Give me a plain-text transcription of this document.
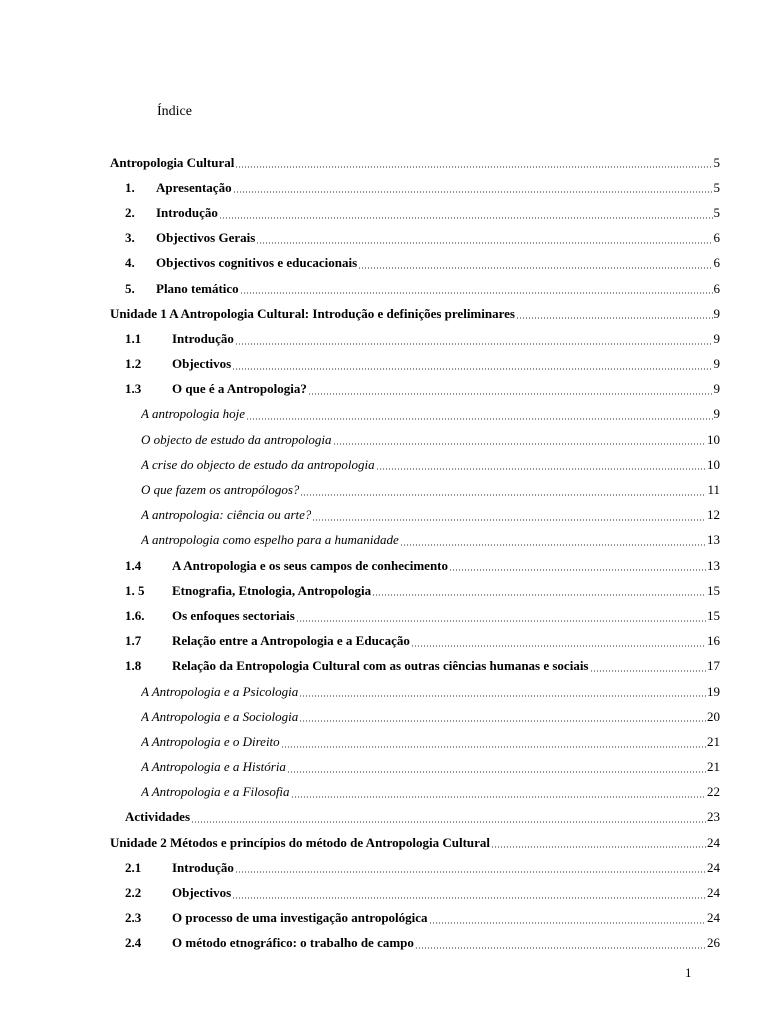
Índice
Antropologia Cultural	5
1.	Apresentação	5
2.	Introdução	5
3.	Objectivos Gerais	6
4.	Objectivos cognitivos e educacionais	6
5.	Plano temático	6
Unidade 1 A Antropologia Cultural: Introdução e definições preliminares	9
1.1	Introdução	9
1.2	Objectivos	9
1.3	O que é a Antropologia?	9
A antropologia hoje	9
O objecto de estudo da antropologia	10
A crise do objecto de estudo da antropologia	10
O que fazem os antropólogos?	11
A antropologia: ciência ou arte?	12
A antropologia como espelho para a humanidade	13
1.4	A Antropologia e os seus campos de conhecimento	13
1. 5	Etnografia, Etnologia, Antropologia	15
1.6.	Os enfoques sectoriais	15
1.7	Relação entre a Antropologia e a Educação	16
1.8	Relação da Entropologia Cultural com as outras ciências humanas e sociais	17
A Antropologia e a Psicologia	19
A Antropologia e a Sociologia	20
A Antropologia e o Direito	21
A Antropologia e a História	21
A Antropologia e a Filosofia	22
Actividades	23
Unidade 2 Métodos e princípios do método de Antropologia Cultural	24
2.1	Introdução	24
2.2	Objectivos	24
2.3	O processo de uma investigação antropológica	24
2.4	O método etnográfico: o trabalho de campo	26
1
